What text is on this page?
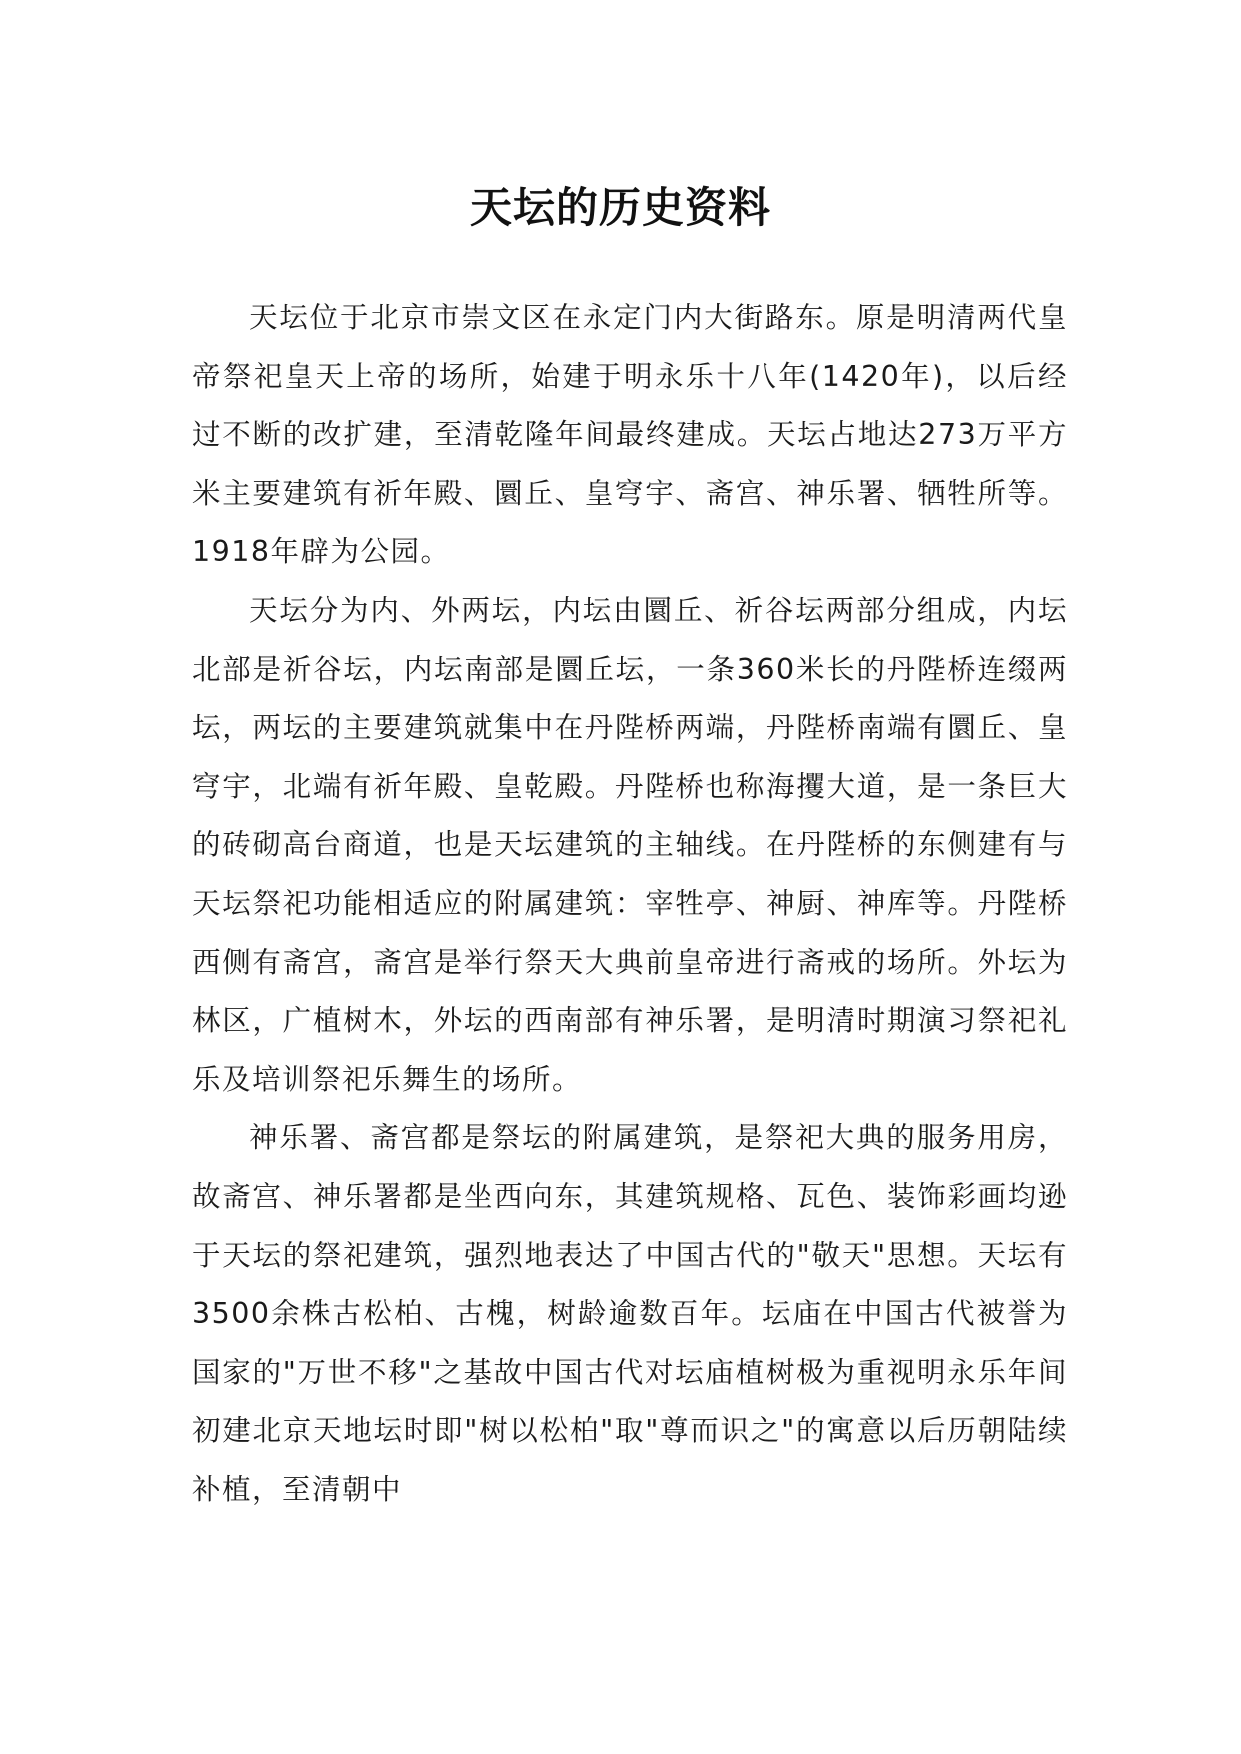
天坛的历史资料

天坛位于北京市崇文区在永定门内大街路东。原是明清两代皇帝祭祀皇天上帝的场所，始建于明永乐十八年(1420年)，以后经过不断的改扩建，至清乾隆年间最终建成。天坛占地达273万平方米主要建筑有祈年殿、圜丘、皇穹宇、斋宫、神乐署、牺牲所等。1918年辟为公园。

天坛分为内、外两坛，内坛由圜丘、祈谷坛两部分组成，内坛北部是祈谷坛，内坛南部是圜丘坛，一条360米长的丹陛桥连缀两坛，两坛的主要建筑就集中在丹陛桥两端，丹陛桥南端有圜丘、皇穹宇，北端有祈年殿、皇乾殿。丹陛桥也称海攫大道，是一条巨大的砖砌高台商道，也是天坛建筑的主轴线。在丹陛桥的东侧建有与天坛祭祀功能相适应的附属建筑：宰牲亭、神厨、神库等。丹陛桥西侧有斋宫，斋宫是举行祭天大典前皇帝进行斋戒的场所。外坛为林区，广植树木，外坛的西南部有神乐署，是明清时期演习祭祀礼乐及培训祭祀乐舞生的场所。

神乐署、斋宫都是祭坛的附属建筑，是祭祀大典的服务用房，故斋宫、神乐署都是坐西向东，其建筑规格、瓦色、装饰彩画均逊于天坛的祭祀建筑，强烈地表达了中国古代的"敬天"思想。天坛有3500余株古松柏、古槐，树龄逾数百年。坛庙在中国古代被誉为国家的"万世不移"之基故中国古代对坛庙植树极为重视明永乐年间初建北京天地坛时即"树以松柏"取"尊而识之"的寓意以后历朝陆续补植，至清朝中
